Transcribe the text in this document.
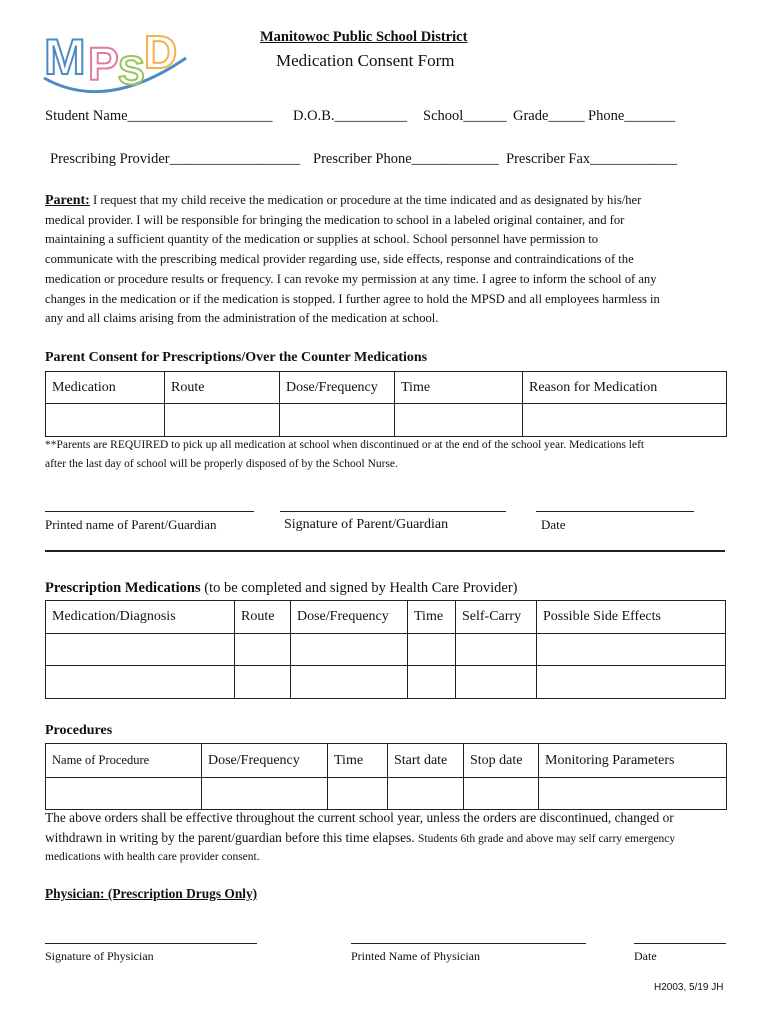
M P S D	Manitowoc Public School District
Medication Consent Form
Student Name____________________ D.O.B.__________ School______ Grade_____ Phone_______
Prescribing Provider__________________ Prescriber Phone____________ Prescriber Fax____________
Parent: I request that my child receive the medication or procedure at the time indicated and as designated by his/her
medical provider. I will be responsible for bringing the medication to school in a labeled original container, and for
maintaining a sufficient quantity of the medication or supplies at school. School personnel have permission to
communicate with the prescribing medical provider regarding use, side effects, response and contraindications of the
medication or procedure results or frequency. I can revoke my permission at any time. I agree to inform the school of any
changes in the medication or if the medication is stopped. I further agree to hold the MPSD and all employees harmless in
any and all claims arising from the administration of the medication at school.
Parent Consent for Prescriptions/Over the Counter Medications
Medication	Route	Dose/Frequency	Time	Reason for Medication

**Parents are REQUIRED to pick up all medication at school when discontinued or at the end of the school year. Medications left
after the last day of school will be properly disposed of by the School Nurse.
Printed name of Parent/Guardian	Signature of Parent/Guardian	Date
Prescription Medications (to be completed and signed by Health Care Provider)
Medication/Diagnosis	Route	Dose/Frequency	Time	Self-Carry	Possible Side Effects

Procedures
Name of Procedure	Dose/Frequency	Time	Start date	Stop date	Monitoring Parameters

The above orders shall be effective throughout the current school year, unless the orders are discontinued, changed or
withdrawn in writing by the parent/guardian before this time elapses. Students 6th grade and above may self carry emergency
medications with health care provider consent.
Physician: (Prescription Drugs Only)
Signature of Physician	Printed Name of Physician	Date
H2003, 5/19 JH
